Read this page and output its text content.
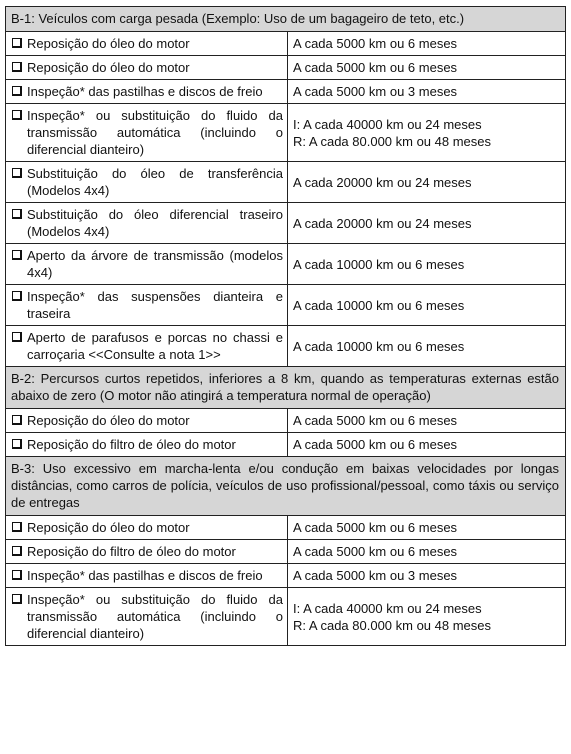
B-1: Veículos com carga pesada (Exemplo: Uso de um bagageiro de teto, etc.)	

Reposição do óleo do motor	A cada 5000 km ou 6 meses

Reposição do óleo do motor	A cada 5000 km ou 6 meses

Inspeção* das pastilhas e discos de freio	A cada 5000 km ou 3 meses

Inspeção* ou substituição do fluido da transmissão automática (incluindo o diferencial dianteiro)	I: A cada 40000 km ou 24 meses
R: A cada 80.000 km ou 48 meses

Substituição do óleo de transferência (Modelos 4x4)	A cada 20000 km ou 24 meses

Substituição do óleo diferencial traseiro (Modelos 4x4)	A cada 20000 km ou 24 meses

Aperto da árvore de transmissão (modelos 4x4)	A cada 10000 km ou 6 meses

Inspeção* das suspensões dianteira e traseira	A cada 10000 km ou 6 meses

Aperto de parafusos e porcas no chassi e carroçaria <<Consulte a nota 1>>	A cada 10000 km ou 6 meses

B-2: Percursos curtos repetidos, inferiores a 8 km, quando as temperaturas externas estão abaixo de zero (O motor não atingirá a temperatura normal de operação)	

Reposição do óleo do motor	A cada 5000 km ou 6 meses

Reposição do filtro de óleo do motor	A cada 5000 km ou 6 meses

B-3: Uso excessivo em marcha-lenta e/ou condução em baixas velocidades por longas distâncias, como carros de polícia, veículos de uso profissional/pessoal, como táxis ou serviço de entregas	

Reposição do óleo do motor	A cada 5000 km ou 6 meses

Reposição do filtro de óleo do motor	A cada 5000 km ou 6 meses

Inspeção* das pastilhas e discos de freio	A cada 5000 km ou 3 meses

Inspeção* ou substituição do fluido da transmissão automática (incluindo o diferencial dianteiro)	I: A cada 40000 km ou 24 meses
R: A cada 80.000 km ou 48 meses
